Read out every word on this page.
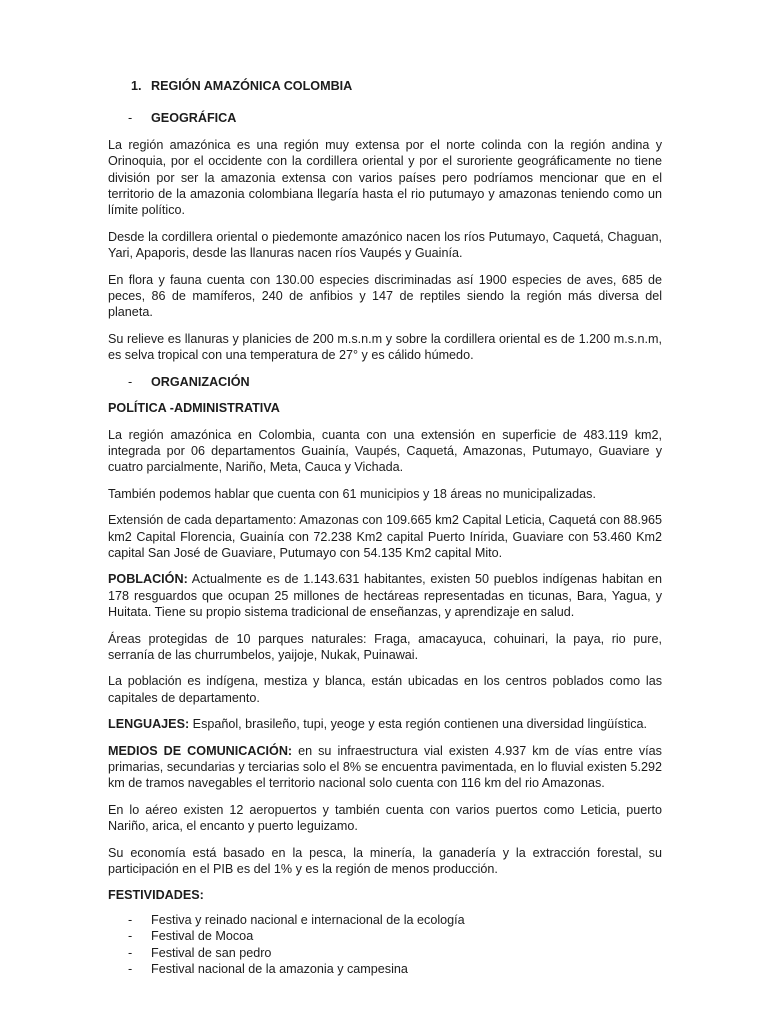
1. REGIÓN AMAZÓNICA COLOMBIA
- GEOGRÁFICA

La región amazónica es una región muy extensa por el norte colinda con la región andina y Orinoquia, por el occidente con la cordillera oriental y por el suroriente geográficamente no tiene división por ser la amazonia extensa con varios países pero podríamos mencionar que en el territorio de la amazonia colombiana llegaría hasta el rio putumayo y amazonas teniendo como un límite político.

Desde la cordillera oriental o piedemonte amazónico nacen los ríos Putumayo, Caquetá, Chaguan, Yari, Apaporis, desde las llanuras nacen ríos Vaupés y Guainía.

En flora y fauna cuenta con 130.00 especies discriminadas así 1900 especies de aves, 685 de peces, 86 de mamíferos, 240 de anfibios y 147 de reptiles siendo la región más diversa del planeta.

Su relieve es llanuras y planicies de 200 m.s.n.m y sobre la cordillera oriental es de 1.200 m.s.n.m, es selva tropical con una temperatura de 27° y es cálido húmedo.

- ORGANIZACIÓN
POLÍTICA -ADMINISTRATIVA

La región amazónica en Colombia, cuanta con una extensión en superficie de 483.119 km2, integrada por 06 departamentos Guainía, Vaupés, Caquetá, Amazonas, Putumayo, Guaviare y cuatro parcialmente, Nariño, Meta, Cauca y Vichada.

También podemos hablar que cuenta con 61 municipios y 18 áreas no municipalizadas.

Extensión de cada departamento: Amazonas con 109.665 km2 Capital Leticia, Caquetá con 88.965 km2 Capital Florencia, Guainía con 72.238 Km2 capital Puerto Inírida, Guaviare con 53.460 Km2 capital San José de Guaviare, Putumayo con 54.135 Km2 capital Mito.

POBLACIÓN: Actualmente es de 1.143.631 habitantes, existen 50 pueblos indígenas habitan en 178 resguardos que ocupan 25 millones de hectáreas representadas en ticunas, Bara, Yagua, y Huitata. Tiene su propio sistema tradicional de enseñanzas, y aprendizaje en salud.

Áreas protegidas de 10 parques naturales: Fraga, amacayuca, cohuinari, la paya, rio pure, serranía de las churrumbelos, yaijoje, Nukak, Puinawai.

La población es indígena, mestiza y blanca, están ubicadas en los centros poblados como las capitales de departamento.

LENGUAJES: Español, brasileño, tupi, yeoge y esta región contienen una diversidad lingüística.

MEDIOS DE COMUNICACIÓN: en su infraestructura vial existen 4.937 km de vías entre vías primarias, secundarias y terciarias solo el 8% se encuentra pavimentada, en lo fluvial existen 5.292 km de tramos navegables el territorio nacional solo cuenta con 116 km del rio Amazonas.

En lo aéreo existen 12 aeropuertos y también cuenta con varios puertos como Leticia, puerto Nariño, arica, el encanto y puerto leguizamo.

Su economía está basado en la pesca, la minería, la ganadería y la extracción forestal, su participación en el PIB es del 1% y es la región de menos producción.

FESTIVIDADES:
- Festiva y reinado nacional e internacional de la ecología
- Festival de Mocoa
- Festival de san pedro
- Festival nacional de la amazonia y campesina
